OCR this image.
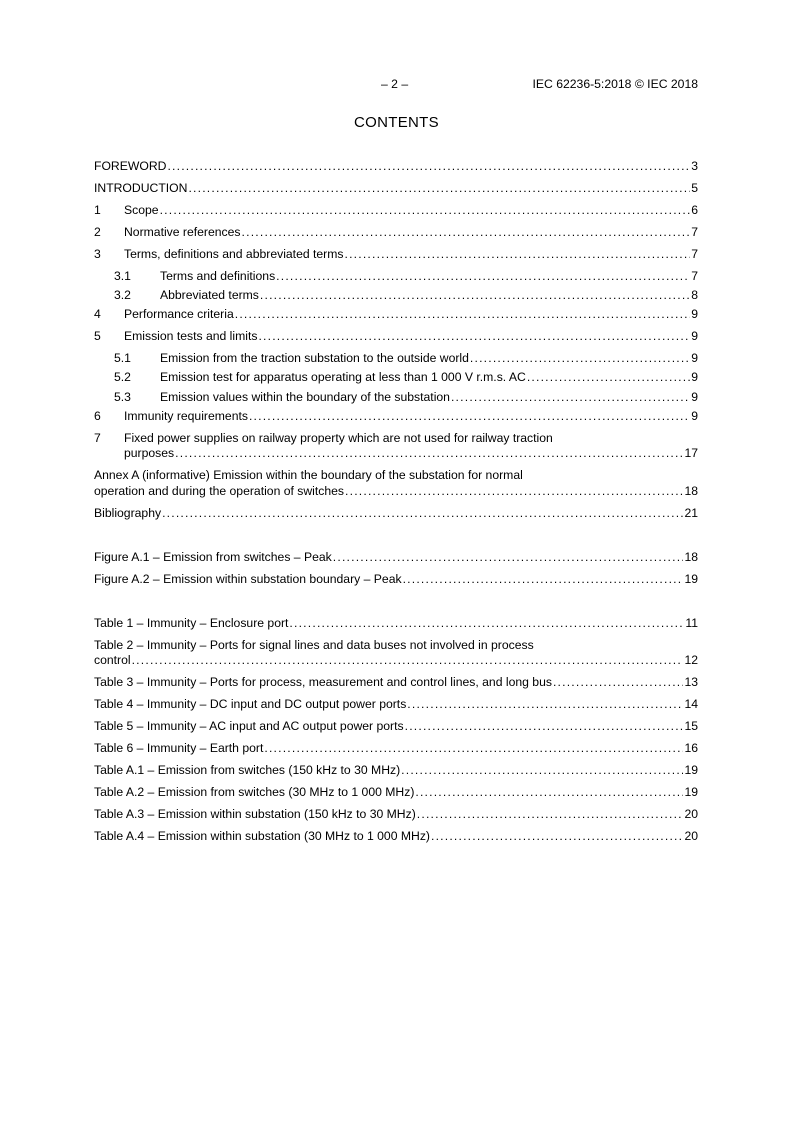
– 2 –	IEC 62236-5:2018 © IEC 2018
CONTENTS
FOREWORD .....	3
INTRODUCTION .....	5
1	Scope .....	6
2	Normative references .....	7
3	Terms, definitions and abbreviated terms .....	7
3.1	Terms and definitions .....	7
3.2	Abbreviated terms .....	8
4	Performance criteria .....	9
5	Emission tests and limits .....	9
5.1	Emission from the traction substation to the outside world .....	9
5.2	Emission test for apparatus operating at less than 1 000 V r.m.s. AC .....	9
5.3	Emission values within the boundary of the substation .....	9
6	Immunity requirements .....	9
7 Fixed power supplies on railway property which are not used for railway traction
purposes .....	17
Annex A (informative) Emission within the boundary of the substation for normal
operation and during the operation of switches .....	18
Bibliography .....	21
Figure A.1 – Emission from switches – Peak .....	18
Figure A.2 – Emission within substation boundary – Peak .....	19
Table 1 – Immunity – Enclosure port .....	11
Table 2 – Immunity – Ports for signal lines and data buses not involved in process
control .....	12
Table 3 – Immunity – Ports for process, measurement and control lines, and long bus .....	13
Table 4 – Immunity – DC input and DC output power ports .....	14
Table 5 – Immunity – AC input and AC output power ports .....	15
Table 6 – Immunity – Earth port .....	16
Table A.1 – Emission from switches (150 kHz to 30 MHz) .....	19
Table A.2 – Emission from switches (30 MHz to 1 000 MHz) .....	19
Table A.3 – Emission within substation (150 kHz to 30 MHz) .....	20
Table A.4 – Emission within substation (30 MHz to 1 000 MHz) .....	20
